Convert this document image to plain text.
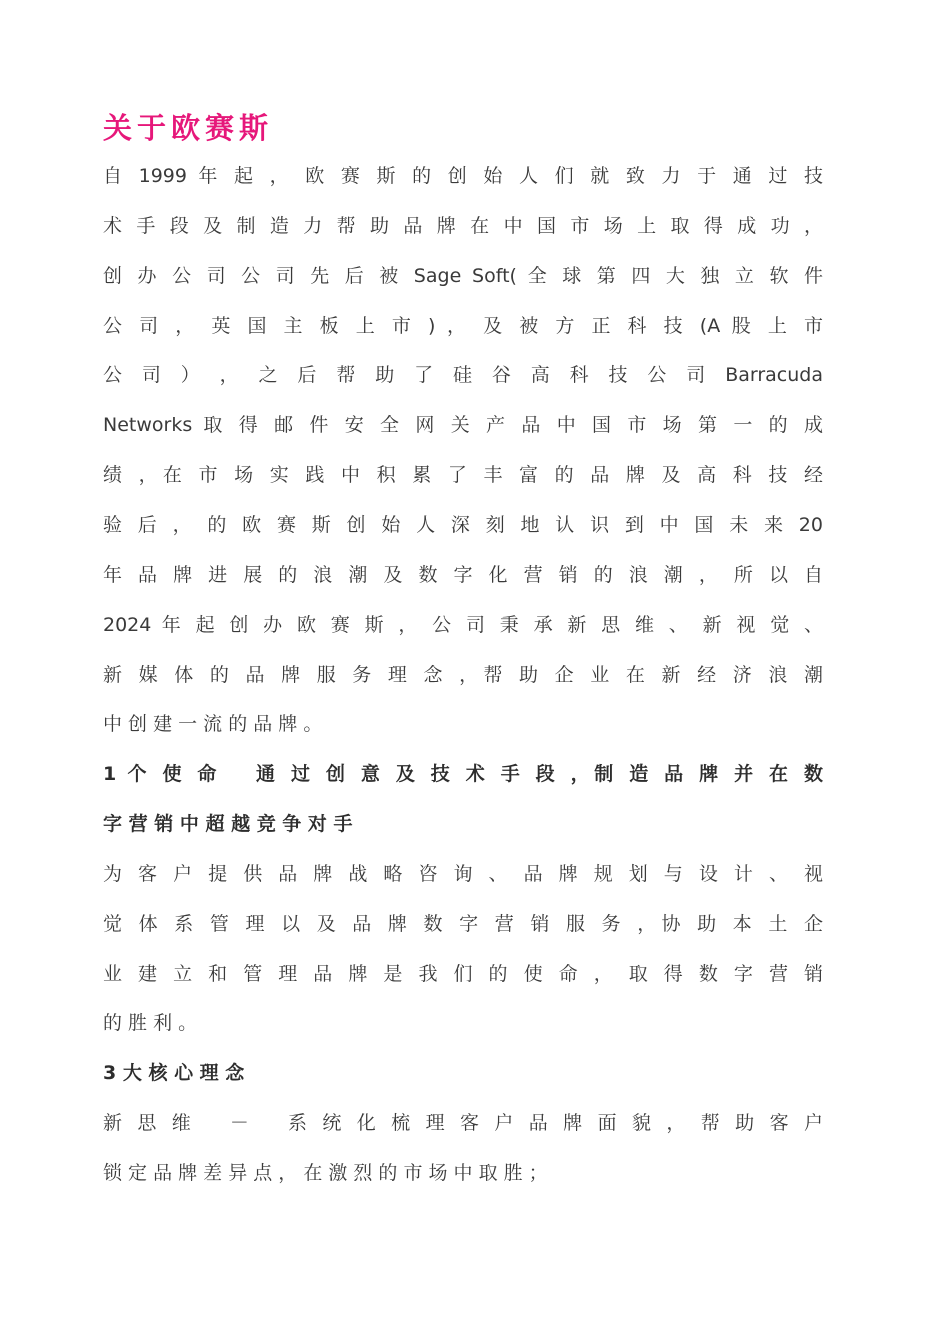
关于欧赛斯
自 1999 年 起 ， 欧 赛 斯 的 创 始 人 们 就 致 力 于 通 过 技
术 手 段 及 制 造 力 帮 助 品 牌 在 中 国 市 场 上 取 得 成 功 ，
创 办 公 司 公 司 先 后 被 Sage Soft( 全 球 第 四 大 独 立 软 件
公 司 ， 英 国 主 板 上 市 ) ， 及 被 方 正 科 技 (A 股 上 市
公 司 ） ， 之 后 帮 助 了 硅 谷 高 科 技 公 司 Barracuda
Networks 取 得 邮 件 安 全 网 关 产 品 中 国 市 场 第 一 的 成
绩 ，在 市 场 实 践 中 积 累 了 丰 富 的 品 牌 及 高 科 技 经
验 后 ， 的 欧 赛 斯 创 始 人 深 刻 地 认 识 到 中 国 未 来 20
年 品 牌 进 展 的 浪 潮 及 数 字 化 营 销 的 浪 潮 ， 所 以 自
2024 年 起 创 办 欧 赛 斯 ， 公 司 秉 承 新 思 维 、 新 视 觉 、
新 媒 体 的 品 牌 服 务 理 念 ，帮 助 企 业 在 新 经 济 浪 潮
中 创 建 一 流 的 品 牌 。
1 个 使 命 　通 过 创 意 及 技 术 手 段 ，制 造 品 牌 并 在 数
字 营 销 中 超 越 竞 争 对 手
为 客 户 提 供 品 牌 战 略 咨 询 、 品 牌 规 划 与 设 计 、 视
觉 体 系 管 理 以 及 品 牌 数 字 营 销 服 务 ，协 助 本 土 企
业 建 立 和 管 理 品 牌 是 我 们 的 使 命 ， 取 得 数 字 营 销
的 胜 利 。
3 大 核 心 理 念
新 思 维 　－　 系 统 化 梳 理 客 户 品 牌 面 貌 ， 帮 助 客 户
锁 定 品 牌 差 异 点 ， 在 激 烈 的 市 场 中 取 胜 ；
